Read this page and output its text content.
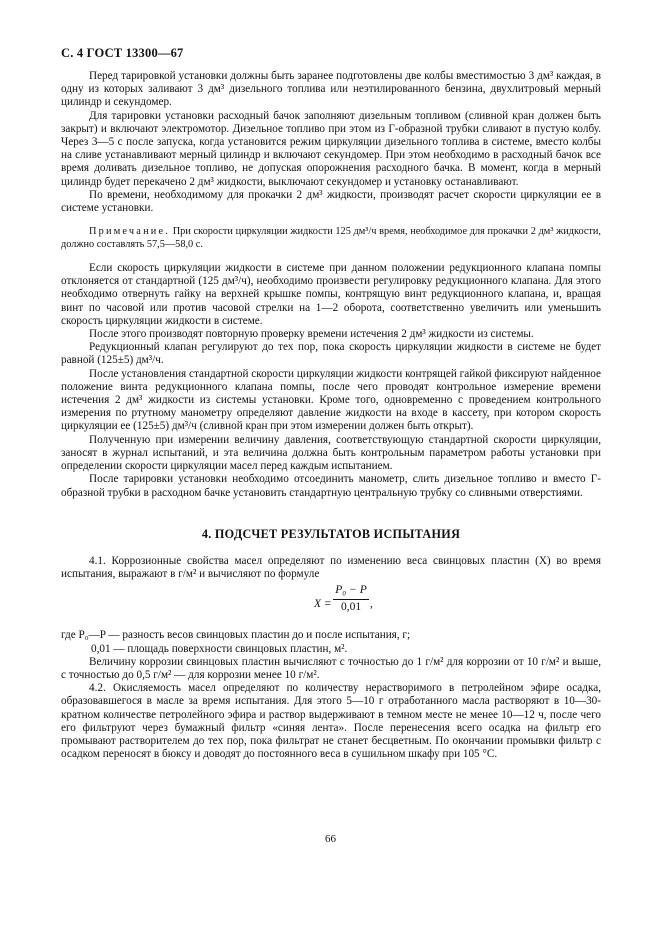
С. 4 ГОСТ 13300—67

Перед тарировкой установки должны быть заранее подготовлены две колбы вместимостью 3 дм³ каждая, в одну из которых заливают 3 дм³ дизельного топлива или неэтилированного бензина, двухлитровый мерный цилиндр и секундомер.

Для тарировки установки расходный бачок заполняют дизельным топливом (сливной кран должен быть закрыт) и включают электромотор. Дизельное топливо при этом из Г-образной трубки сливают в пустую колбу. Через 3—5 с после запуска, когда установится режим циркуляции дизельного топлива в системе, вместо колбы на сливе устанавливают мерный цилиндр и включают секундомер. При этом необходимо в расходный бачок все время доливать дизельное топливо, не допуская опорожнения расходного бачка. В момент, когда в мерный цилиндр будет перекачено 2 дм³ жидкости, выключают секундомер и установку останавливают.

По времени, необходимому для прокачки 2 дм³ жидкости, производят расчет скорости циркуляции ее в системе установки.

Примечание. При скорости циркуляции жидкости 125 дм³/ч время, необходимое для прокачки 2 дм³ жидкости, должно составлять 57,5—58,0 с.

Если скорость циркуляции жидкости в системе при данном положении редукционного клапана помпы отклоняется от стандартной (125 дм³/ч), необходимо произвести регулировку редукционного клапана. Для этого необходимо отвернуть гайку на верхней крышке помпы, контрящую винт редукционного клапана, и, вращая винт по часовой или против часовой стрелки на 1—2 оборота, соответственно увеличить или уменьшить скорость циркуляции жидкости в системе.

После этого производят повторную проверку времени истечения 2 дм³ жидкости из системы.

Редукционный клапан регулируют до тех пор, пока скорость циркуляции жидкости в системе не будет равной (125±5) дм³/ч.

После установления стандартной скорости циркуляции жидкости контрящей гайкой фиксируют найденное положение винта редукционного клапана помпы, после чего проводят контрольное измерение времени истечения 2 дм³ жидкости из системы установки. Кроме того, одновременно с проведением контрольного измерения по ртутному манометру определяют давление жидкости на входе в кассету, при котором скорость циркуляции ее (125±5) дм³/ч (сливной кран при этом измерении должен быть открыт).

Полученную при измерении величину давления, соответствующую стандартной скорости циркуляции, заносят в журнал испытаний, и эта величина должна быть контрольным параметром работы установки при определении скорости циркуляции масел перед каждым испытанием.

После тарировки установки необходимо отсоединить манометр, слить дизельное топливо и вместо Г-образной трубки в расходном бачке установить стандартную центральную трубку со сливными отверстиями.

4. ПОДСЧЕТ РЕЗУЛЬТАТОВ ИСПЫТАНИЯ

4.1. Коррозионные свойства масел определяют по изменению веса свинцовых пластин (X) во время испытания, выражают в г/м² и вычисляют по формуле

X =
P₀ − P
0,01 ,

где P₀—P — разность весов свинцовых пластин до и после испытания, г;

0,01 — площадь поверхности свинцовых пластин, м².

Величину коррозии свинцовых пластин вычисляют с точностью до 1 г/м² для коррозии от 10 г/м² и выше, с точностью до 0,5 г/м² — для коррозии менее 10 г/м².

4.2. Окисляемость масел определяют по количеству нерастворимого в петролейном эфире осадка, образовавшегося в масле за время испытания. Для этого 5—10 г отработанного масла растворяют в 10—30-кратном количестве петролейного эфира и раствор выдерживают в темном месте не менее 10—12 ч, после чего его фильтруют через бумажный фильтр «синяя лента». После перенесения всего осадка на фильтр его промывают растворителем до тех пор, пока фильтрат не станет бесцветным. По окончании промывки фильтр с осадком переносят в бюксу и доводят до постоянного веса в сушильном шкафу при 105 °С.

66
